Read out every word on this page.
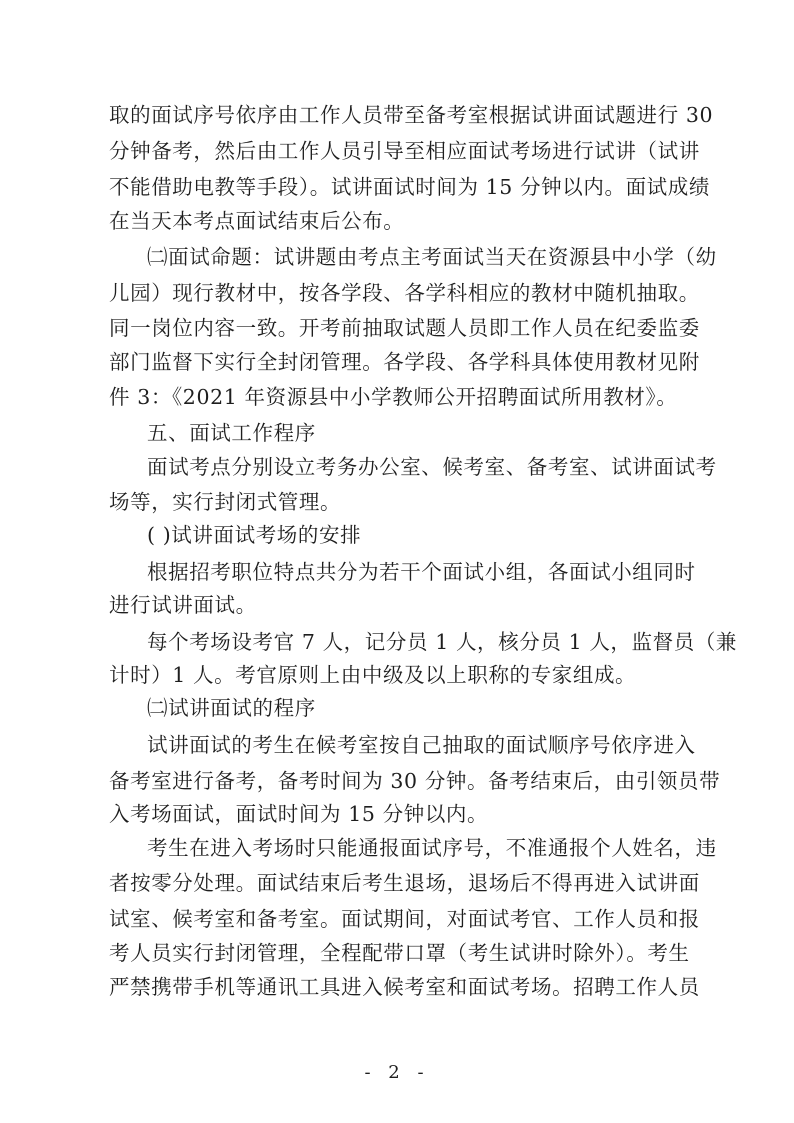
取的面试序号依序由工作人员带至备考室根据试讲面试题进行 30
分钟备考，然后由工作人员引导至相应面试考场进行试讲（试讲
不能借助电教等手段）。试讲面试时间为 15 分钟以内。面试成绩
在当天本考点面试结束后公布。
㈡面试命题：试讲题由考点主考面试当天在资源县中小学（幼
儿园）现行教材中，按各学段、各学科相应的教材中随机抽取。
同一岗位内容一致。开考前抽取试题人员即工作人员在纪委监委
部门监督下实行全封闭管理。各学段、各学科具体使用教材见附
件 3：《2021 年资源县中小学教师公开招聘面试所用教材》。
五、面试工作程序
面试考点分别设立考务办公室、候考室、备考室、试讲面试考
场等，实行封闭式管理。
( )试讲面试考场的安排
根据招考职位特点共分为若干个面试小组，各面试小组同时
进行试讲面试。
每个考场设考官 7 人，记分员 1 人，核分员 1 人，监督员（兼
计时）1 人。考官原则上由中级及以上职称的专家组成。
㈡试讲面试的程序
试讲面试的考生在候考室按自己抽取的面试顺序号依序进入
备考室进行备考，备考时间为 30 分钟。备考结束后，由引领员带
入考场面试，面试时间为 15 分钟以内。
考生在进入考场时只能通报面试序号，不准通报个人姓名，违
者按零分处理。面试结束后考生退场，退场后不得再进入试讲面
试室、候考室和备考室。面试期间，对面试考官、工作人员和报
考人员实行封闭管理，全程配带口罩（考生试讲时除外）。考生
严禁携带手机等通讯工具进入候考室和面试考场。招聘工作人员
- 2 -
